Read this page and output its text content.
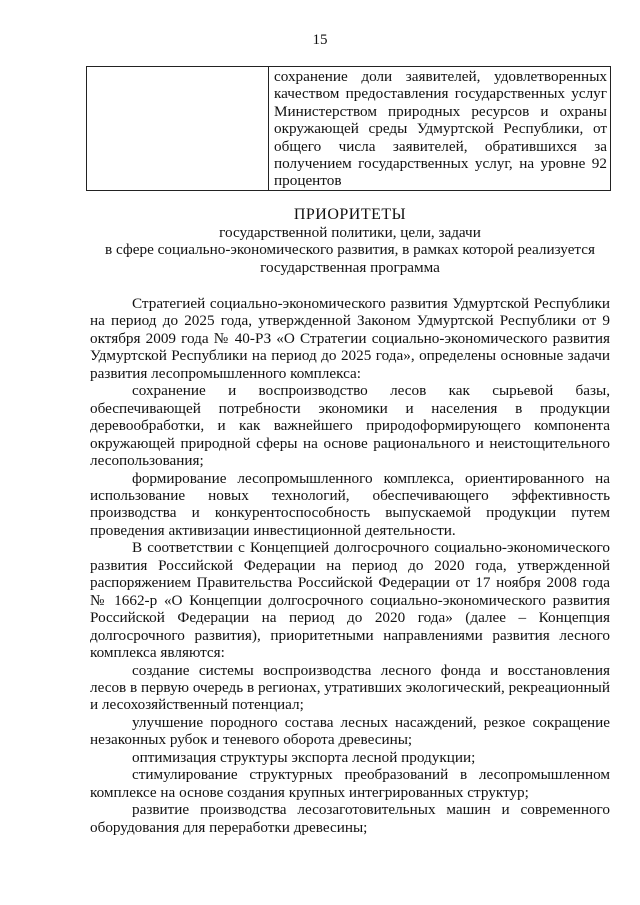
15
	сохранение доли заявителей, удовлетворенных качеством предоставления государственных услуг Министерством природных ресурсов и охраны окружающей среды Удмуртской Республики, от общего числа заявителей, обратившихся за получением государственных услуг, на уровне 92 процентов
ПРИОРИТЕТЫ
государственной политики, цели, задачи
в сфере социально-экономического развития, в рамках которой реализуется
государственная программа

Стратегией социально-экономического развития Удмуртской Республики на период до 2025 года, утвержденной Законом Удмуртской Республики от 9 октября 2009 года № 40-РЗ «О Стратегии социально-экономического развития Удмуртской Республики на период до 2025 года», определены основные задачи развития лесопромышленного комплекса:

сохранение и воспроизводство лесов как сырьевой базы, обеспечивающей потребности экономики и населения в продукции деревообработки, и как важнейшего природоформирующего компонента окружающей природной сферы на основе рационального и неистощительного лесопользования;

формирование лесопромышленного комплекса, ориентированного на использование новых технологий, обеспечивающего эффективность производства и конкурентоспособность выпускаемой продукции путем проведения активизации инвестиционной деятельности.

В соответствии с Концепцией долгосрочного социально-экономического развития Российской Федерации на период до 2020 года, утвержденной распоряжением Правительства Российской Федерации от 17 ноября 2008 года № 1662-р «О Концепции долгосрочного социально-экономического развития Российской Федерации на период до 2020 года» (далее – Концепция долгосрочного развития), приоритетными направлениями развития лесного комплекса являются:

создание системы воспроизводства лесного фонда и восстановления лесов в первую очередь в регионах, утративших экологический, рекреационный и лесохозяйственный потенциал;

улучшение породного состава лесных насаждений, резкое сокращение незаконных рубок и теневого оборота древесины;

оптимизация структуры экспорта лесной продукции;

стимулирование структурных преобразований в лесопромышленном комплексе на основе создания крупных интегрированных структур;

развитие производства лесозаготовительных машин и современного оборудования для переработки древесины;
